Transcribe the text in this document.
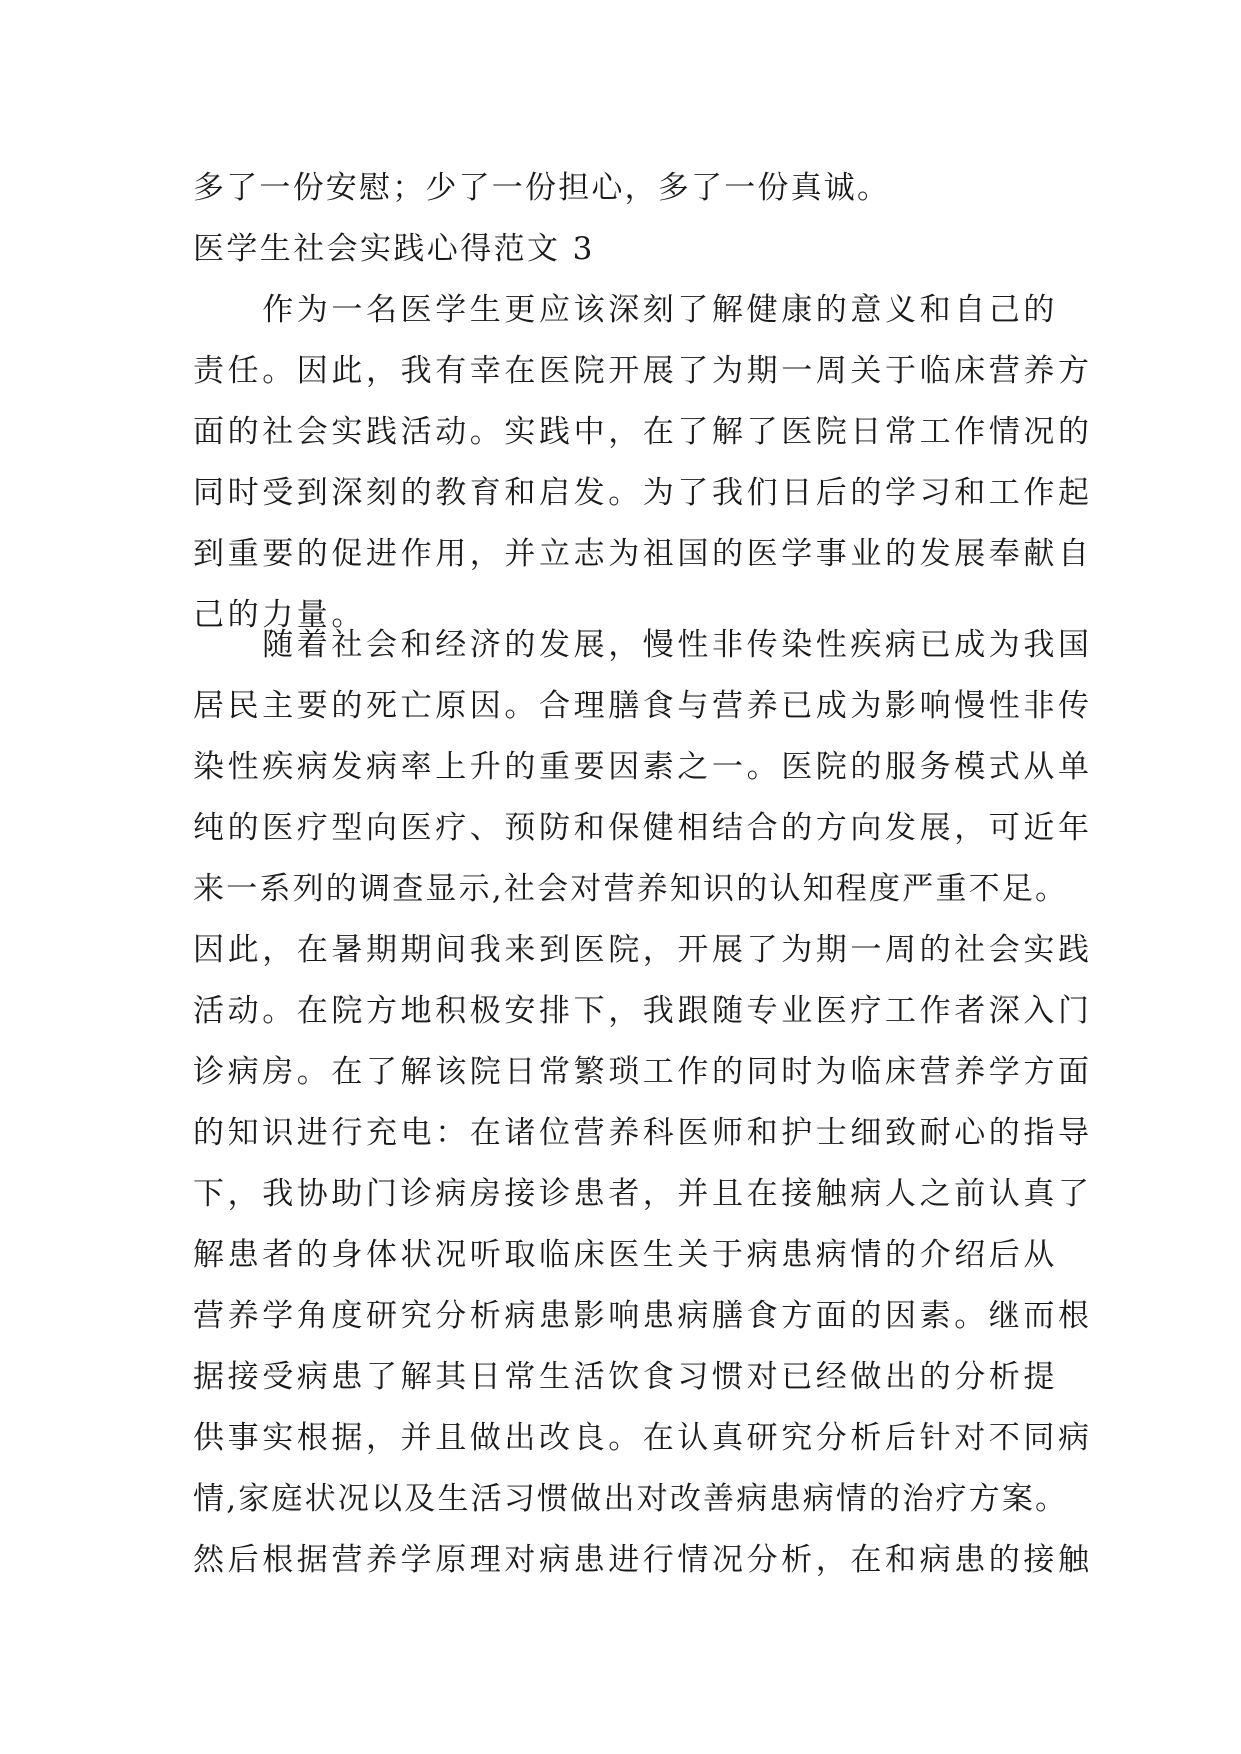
多了一份安慰；少了一份担心，多了一份真诚。
医学生社会实践心得范文 3
　　作为一名医学生更应该深刻了解健康的意义和自己的
责任。因此，我有幸在医院开展了为期一周关于临床营养方
面的社会实践活动。实践中，在了解了医院日常工作情况的
同时受到深刻的教育和启发。为了我们日后的学习和工作起
到重要的促进作用，并立志为祖国的医学事业的发展奉献自
己的力量。
　　随着社会和经济的发展，慢性非传染性疾病已成为我国
居民主要的死亡原因。合理膳食与营养已成为影响慢性非传
染性疾病发病率上升的重要因素之一。医院的服务模式从单
纯的医疗型向医疗、预防和保健相结合的方向发展，可近年
来一系列的调查显示,社会对营养知识的认知程度严重不足。
因此，在暑期期间我来到医院，开展了为期一周的社会实践
活动。在院方地积极安排下，我跟随专业医疗工作者深入门
诊病房。在了解该院日常繁琐工作的同时为临床营养学方面
的知识进行充电：在诸位营养科医师和护士细致耐心的指导
下，我协助门诊病房接诊患者，并且在接触病人之前认真了
解患者的身体状况听取临床医生关于病患病情的介绍后从
营养学角度研究分析病患影响患病膳食方面的因素。继而根
据接受病患了解其日常生活饮食习惯对已经做出的分析提
供事实根据，并且做出改良。在认真研究分析后针对不同病
情,家庭状况以及生活习惯做出对改善病患病情的治疗方案。
然后根据营养学原理对病患进行情况分析，在和病患的接触
